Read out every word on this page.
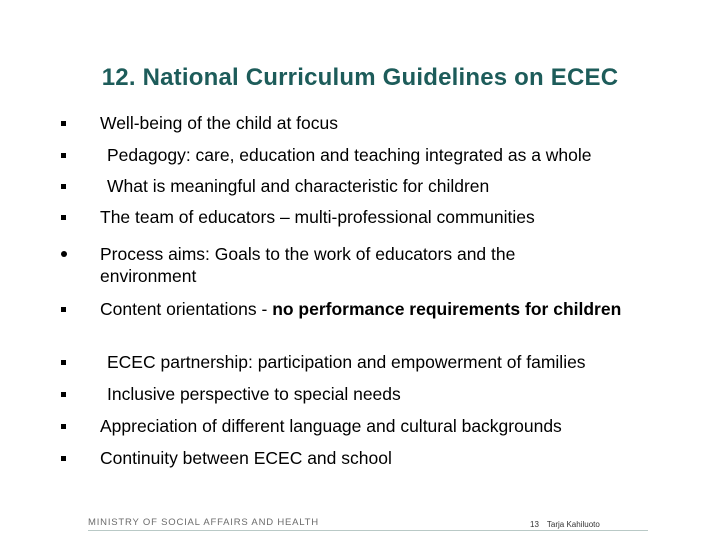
12. National Curriculum Guidelines on ECEC
Well-being of the child at focus
Pedagogy: care, education and teaching integrated as a whole
What is meaningful and characteristic for children
The team of educators – multi-professional communities
Process aims: Goals to the work of educators and the environment
Content orientations - no performance requirements for children
ECEC partnership: participation and empowerment of families
Inclusive perspective to special needs
Appreciation of different language and cultural backgrounds
Continuity between ECEC and school
MINISTRY OF SOCIAL AFFAIRS AND HEALTH	13 Tarja Kahiluoto
